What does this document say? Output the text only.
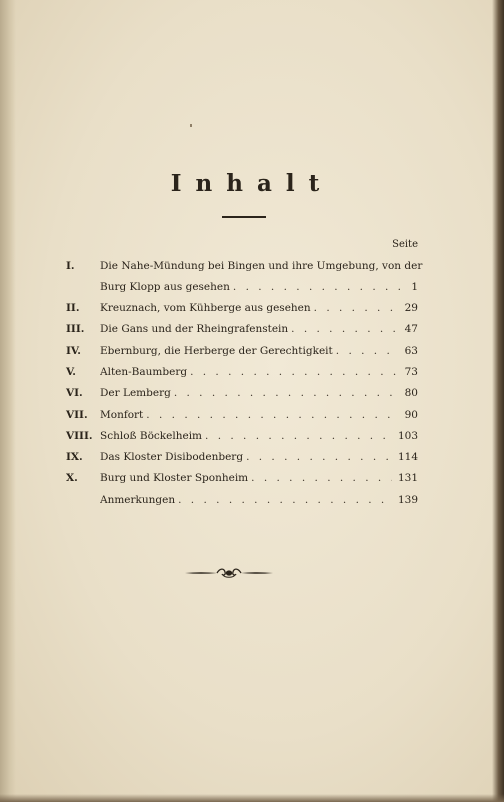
Inhalt
Seite
I. Die Nahe-Mündung bei Bingen und ihre Umgebung, von der
Burg Klopp aus gesehen . . .	1
II. Kreuznach, vom Kühberge aus gesehen . . .	29
III. Die Gans und der Rheingrafenstein . . .	47
IV. Ebernburg, die Herberge der Gerechtigkeit . . .	63
V. Alten-Baumberg . . .	73
VI. Der Lemberg . . .	80
VII. Monfort . . .	90
VIII. Schloß Böckelheim . . .	103
IX. Das Kloster Disibodenberg . . .	114
X. Burg und Kloster Sponheim . . .	131
Anmerkungen . . .	139
